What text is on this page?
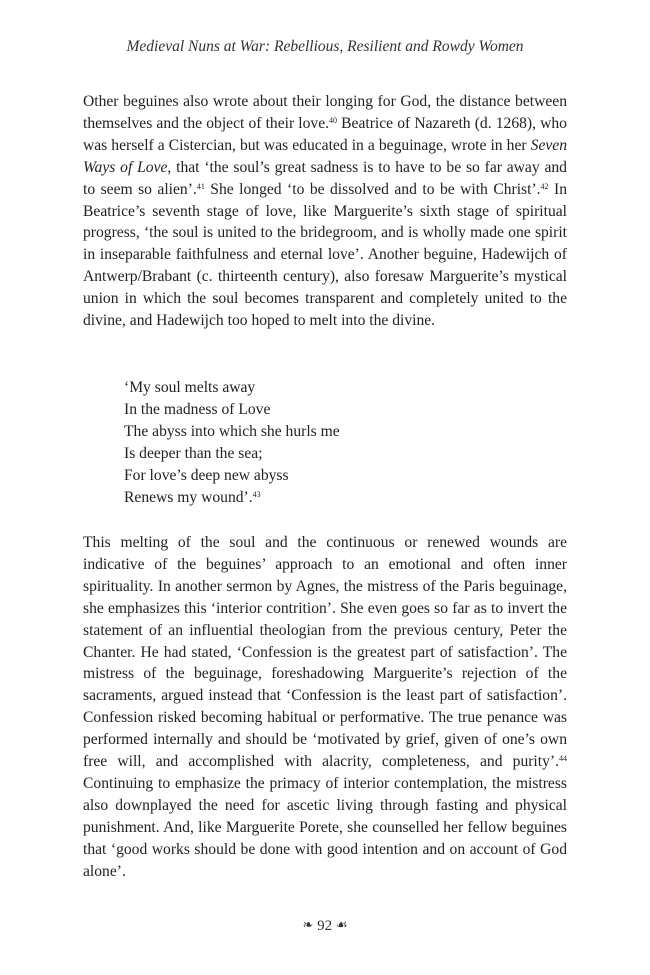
Medieval Nuns at War: Rebellious, Resilient and Rowdy Women

Other beguines also wrote about their longing for God, the distance between themselves and the object of their love.$^{40}$ Beatrice of Nazareth (d. 1268), who was herself a Cistercian, but was educated in a beguinage, wrote in her Seven Ways of Love, that ‘the soul’s great sadness is to have to be so far away and to seem so alien’.$^{41}$ She longed ‘to be dissolved and to be with Christ’.$^{42}$ In Beatrice’s seventh stage of love, like Marguerite’s sixth stage of spiritual progress, ‘the soul is united to the bridegroom, and is wholly made one spirit in inseparable faithfulness and eternal love’. Another beguine, Hadewijch of Antwerp/Brabant (c. thirteenth century), also foresaw Marguerite’s mystical union in which the soul becomes transparent and completely united to the divine, and Hadewijch too hoped to melt into the divine.

‘My soul melts away
In the madness of Love
The abyss into which she hurls me
Is deeper than the sea;
For love’s deep new abyss
Renews my wound’.$^{43}$

This melting of the soul and the continuous or renewed wounds are indicative of the beguines’ approach to an emotional and often inner spirituality. In another sermon by Agnes, the mistress of the Paris beguinage, she emphasizes this ‘interior contrition’. She even goes so far as to invert the statement of an influential theologian from the previous century, Peter the Chanter. He had stated, ‘Confession is the greatest part of satisfaction’. The mistress of the beguinage, foreshadowing Marguerite’s rejection of the sacraments, argued instead that ‘Confession is the least part of satisfaction’. Confession risked becoming habitual or performative. The true penance was performed internally and should be ‘motivated by grief, given of one’s own free will, and accomplished with alacrity, completeness, and purity’.$^{44}$ Continuing to emphasize the primacy of interior contemplation, the mistress also downplayed the need for ascetic living through fasting and physical punishment. And, like Marguerite Porete, she counselled her fellow beguines that ‘good works should be done with good intention and on account of God alone’.

❧ 92 ☙
